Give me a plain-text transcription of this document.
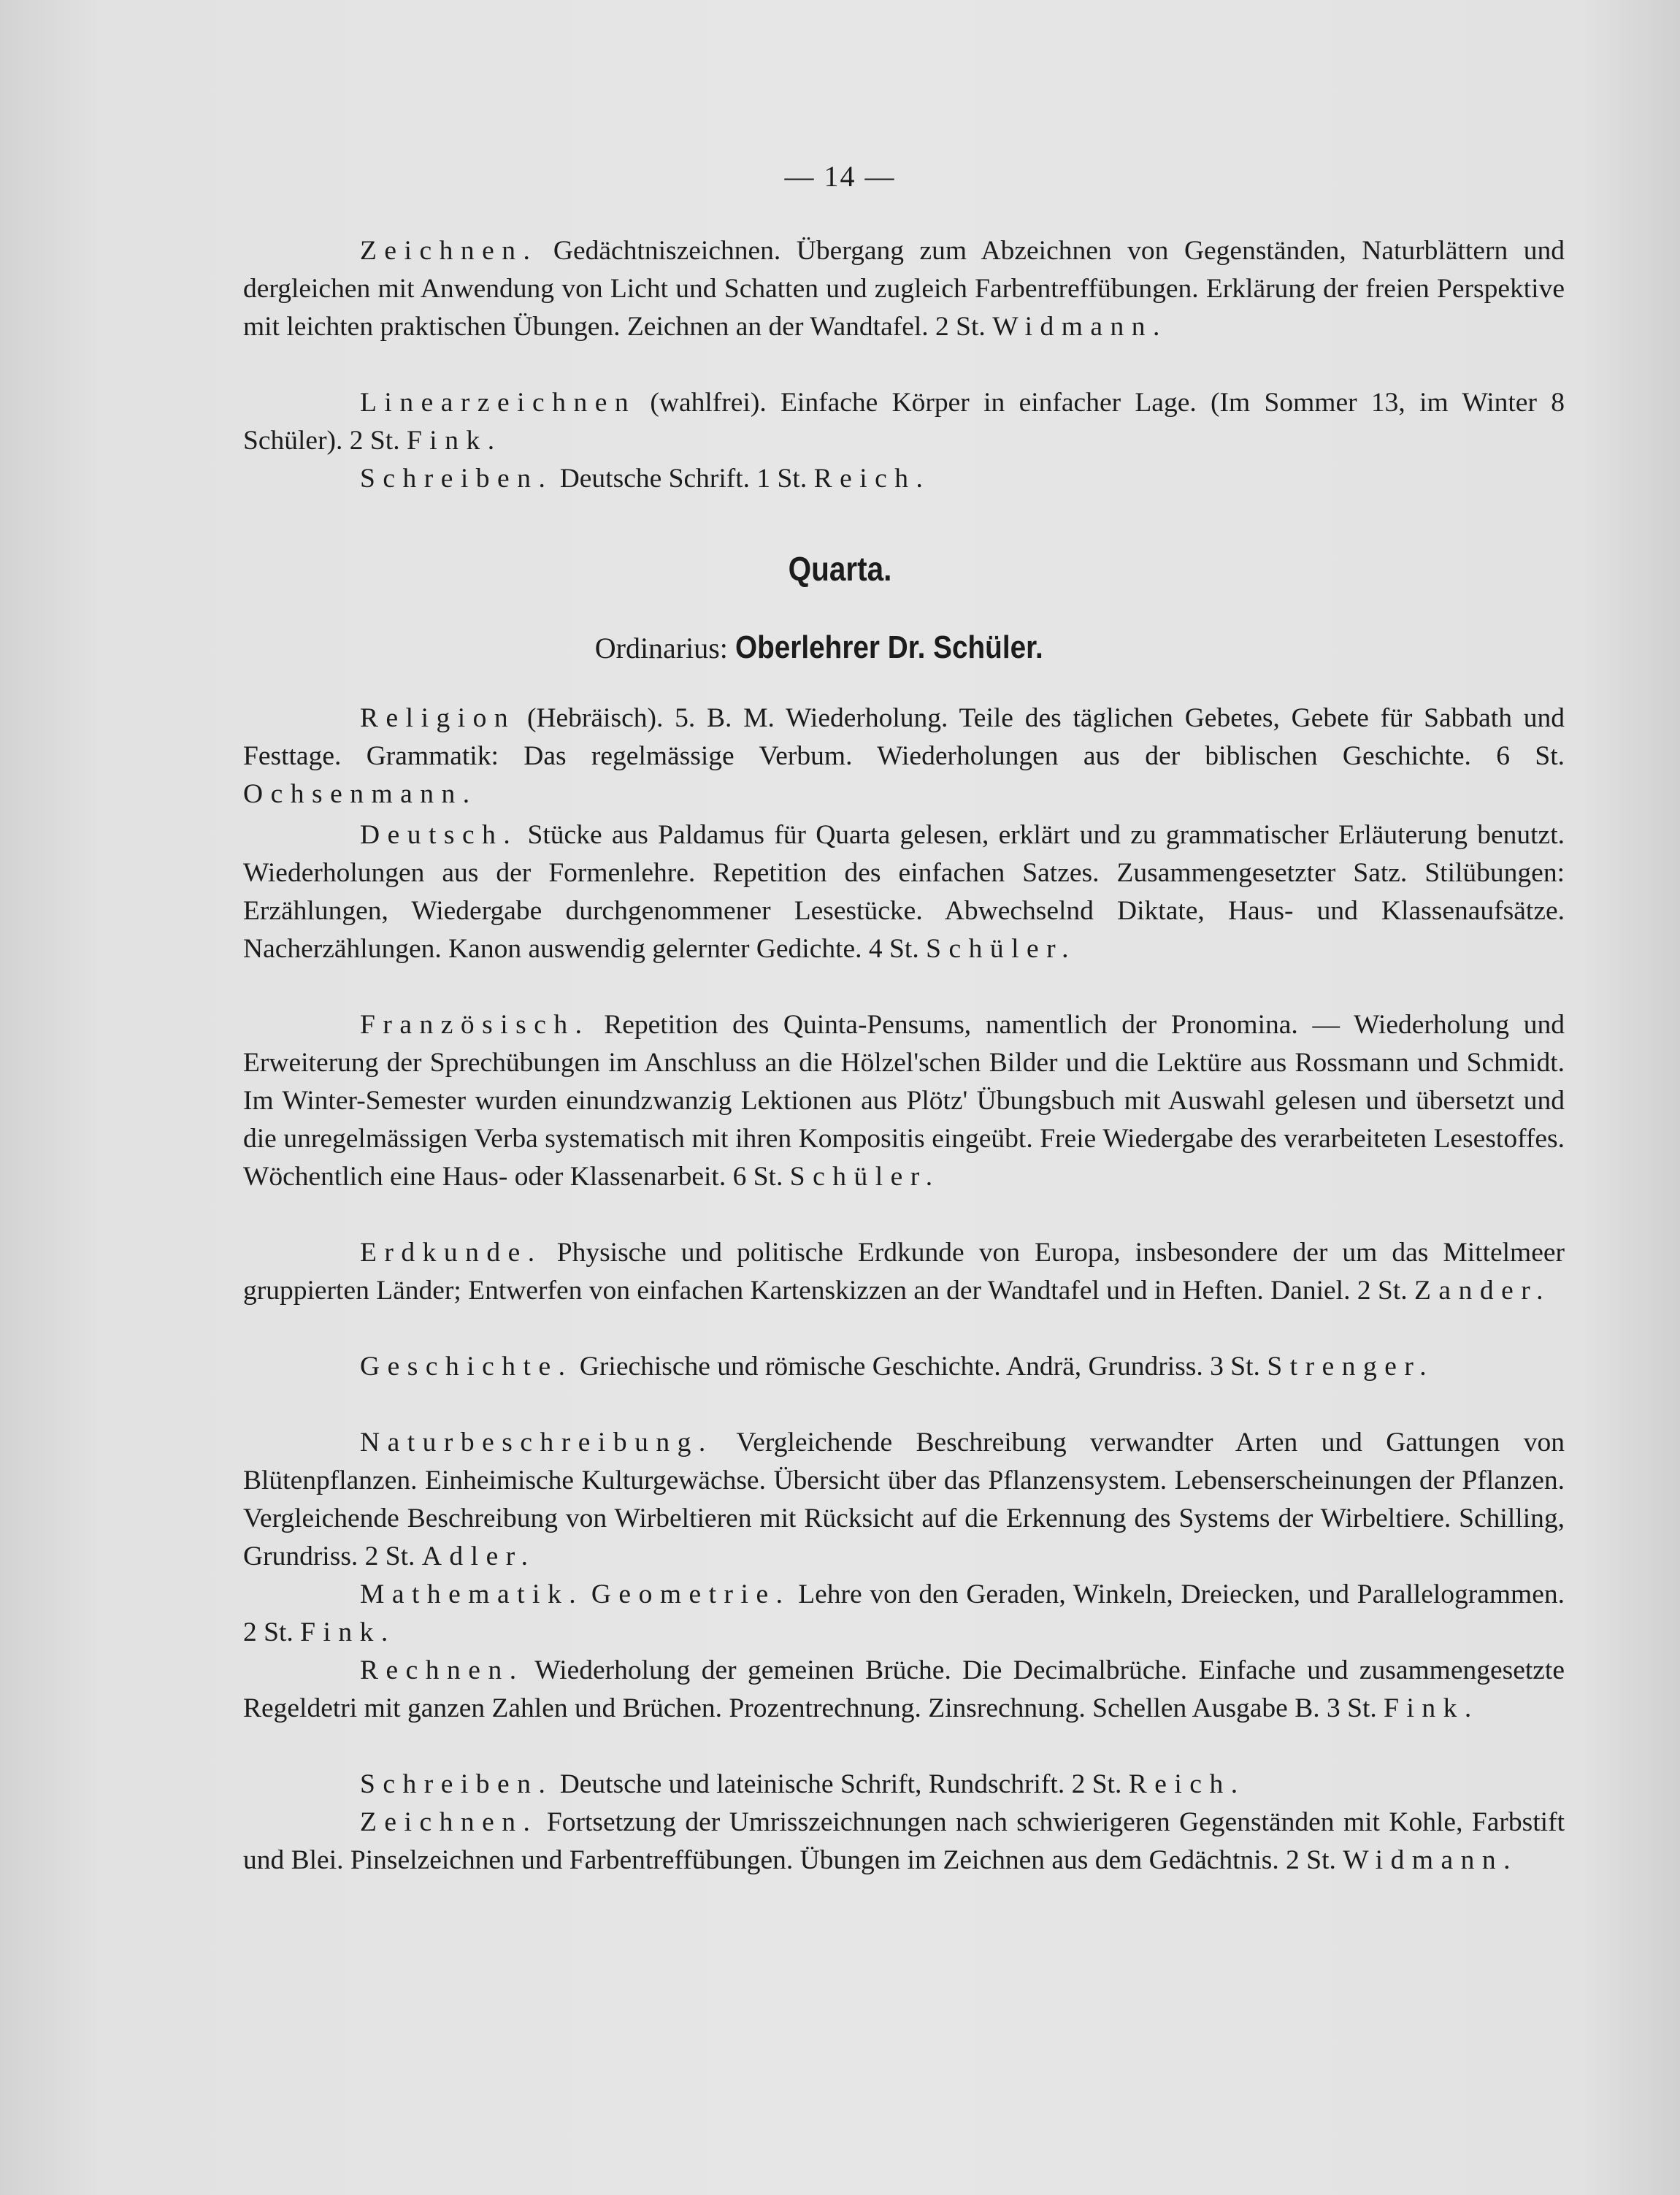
— 14 —

Zeichnen. Gedächtniszeichnen. Übergang zum Abzeichnen von Gegenständen, Naturblättern und dergleichen mit Anwendung von Licht und Schatten und zugleich Farbentreffübungen. Erklärung der freien Perspektive mit leichten praktischen Übungen. Zeichnen an der Wandtafel. 2 St. Widmann.

Linearzeichnen (wahlfrei). Einfache Körper in einfacher Lage. (Im Sommer 13, im Winter 8 Schüler). 2 St. Fink.

Schreiben. Deutsche Schrift. 1 St. Reich.

Quarta.
Ordinarius: Oberlehrer Dr. Schüler.

Religion (Hebräisch). 5. B. M. Wiederholung. Teile des täglichen Gebetes, Gebete für Sabbath und Festtage. Grammatik: Das regelmässige Verbum. Wiederholungen aus der biblischen Geschichte. 6 St. Ochsenmann.

Deutsch. Stücke aus Paldamus für Quarta gelesen, erklärt und zu grammatischer Erläuterung benutzt. Wiederholungen aus der Formenlehre. Repetition des einfachen Satzes. Zusammengesetzter Satz. Stilübungen: Erzählungen, Wiedergabe durchgenommener Lesestücke. Abwechselnd Diktate, Haus- und Klassenaufsätze. Nacherzählungen. Kanon auswendig gelernter Gedichte. 4 St. Schüler.

Französisch. Repetition des Quinta-Pensums, namentlich der Pronomina. — Wiederholung und Erweiterung der Sprechübungen im Anschluss an die Hölzel'schen Bilder und die Lektüre aus Rossmann und Schmidt. Im Winter-Semester wurden einundzwanzig Lektionen aus Plötz' Übungsbuch mit Auswahl gelesen und übersetzt und die unregelmässigen Verba systematisch mit ihren Kompositis eingeübt. Freie Wiedergabe des verarbeiteten Lesestoffes. Wöchentlich eine Haus- oder Klassenarbeit. 6 St. Schüler.

Erdkunde. Physische und politische Erdkunde von Europa, insbesondere der um das Mittelmeer gruppierten Länder; Entwerfen von einfachen Kartenskizzen an der Wandtafel und in Heften. Daniel. 2 St. Zander.

Geschichte. Griechische und römische Geschichte. Andrä, Grundriss. 3 St. Strenger.

Naturbeschreibung. Vergleichende Beschreibung verwandter Arten und Gattungen von Blütenpflanzen. Einheimische Kulturgewächse. Übersicht über das Pflanzensystem. Lebenserscheinungen der Pflanzen. Vergleichende Beschreibung von Wirbeltieren mit Rücksicht auf die Erkennung des Systems der Wirbeltiere. Schilling, Grundriss. 2 St. Adler.

Mathematik. Geometrie. Lehre von den Geraden, Winkeln, Dreiecken, und Parallelogrammen. 2 St. Fink.

Rechnen. Wiederholung der gemeinen Brüche. Die Decimalbrüche. Einfache und zusammengesetzte Regeldetri mit ganzen Zahlen und Brüchen. Prozentrechnung. Zinsrechnung. Schellen Ausgabe B. 3 St. Fink.

Schreiben. Deutsche und lateinische Schrift, Rundschrift. 2 St. Reich.

Zeichnen. Fortsetzung der Umrisszeichnungen nach schwierigeren Gegenständen mit Kohle, Farbstift und Blei. Pinselzeichnen und Farbentreffübungen. Übungen im Zeichnen aus dem Gedächtnis. 2 St. Widmann.
